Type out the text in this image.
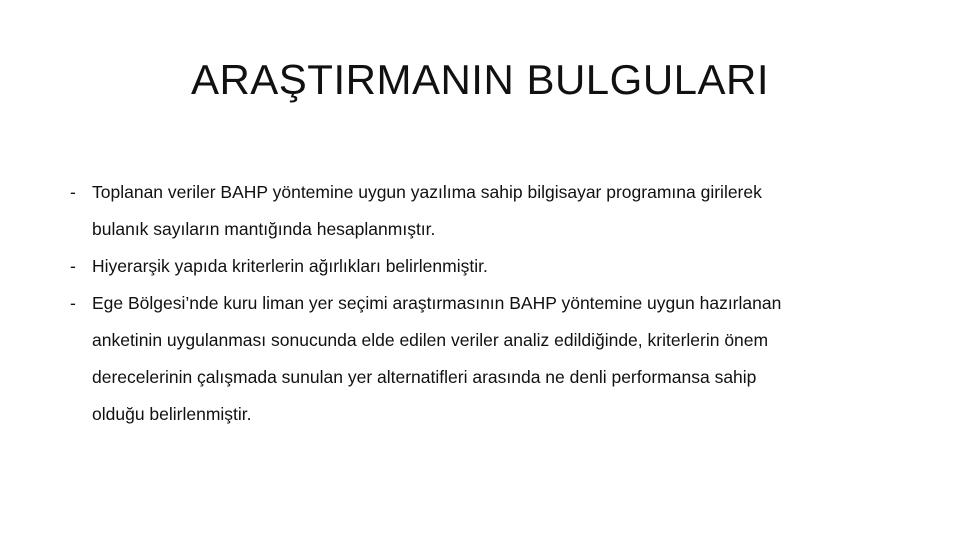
ARAŞTIRMANIN BULGULARI
- Toplanan veriler BAHP yöntemine uygun yazılıma sahip bilgisayar programına girilerek
bulanık sayıların mantığında hesaplanmıştır.
- Hiyerarşik yapıda kriterlerin ağırlıkları belirlenmiştir.
- Ege Bölgesi’nde kuru liman yer seçimi araştırmasının BAHP yöntemine uygun hazırlanan
anketinin uygulanması sonucunda elde edilen veriler analiz edildiğinde, kriterlerin önem
derecelerinin çalışmada sunulan yer alternatifleri arasında ne denli performansa sahip
olduğu belirlenmiştir.
